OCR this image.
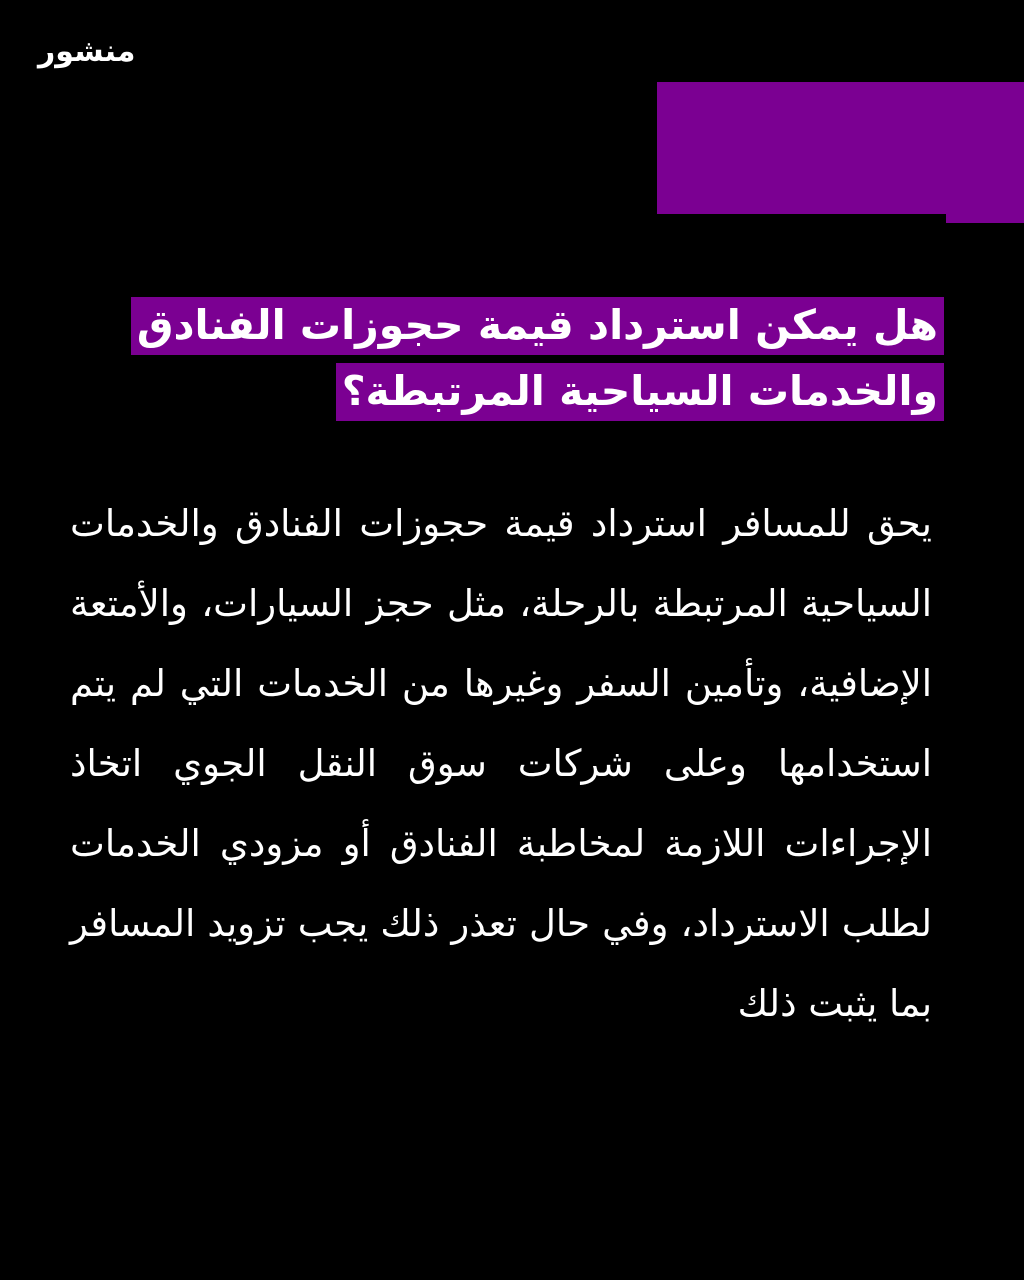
منشور
هل يمكن استرداد قيمة حجوزات الفنادق والخدمات السياحية المرتبطة؟

يحق للمسافر استرداد قيمة حجوزات الفنادق والخدمات السياحية المرتبطة بالرحلة، مثل حجز السيارات، والأمتعة الإضافية، وتأمين السفر وغيرها من الخدمات التي لم يتم استخدامها وعلى شركات سوق النقل الجوي اتخاذ الإجراءات اللازمة لمخاطبة الفنادق أو مزودي الخدمات لطلب الاسترداد، وفي حال تعذر ذلك يجب تزويد المسافر بما يثبت ذلك
